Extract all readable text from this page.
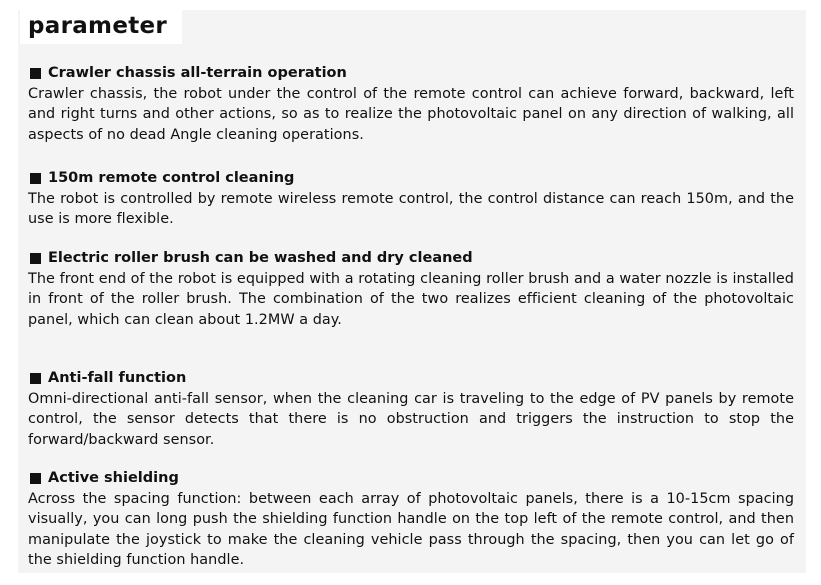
parameter
Crawler chassis all-terrain operation

Crawler chassis, the robot under the control of the remote control can achieve forward, backward, left and right turns and other actions, so as to realize the photovoltaic panel on any direction of walking, all aspects of no dead Angle cleaning operations.

150m remote control cleaning

The robot is controlled by remote wireless remote control, the control distance can reach 150m, and the use is more flexible.

Electric roller brush can be washed and dry cleaned

The front end of the robot is equipped with a rotating cleaning roller brush and a water nozzle is installed in front of the roller brush. The combination of the two realizes efficient cleaning of the photovoltaic panel, which can clean about 1.2MW a day.

Anti-fall function

Omni-directional anti-fall sensor, when the cleaning car is traveling to the edge of PV panels by remote control, the sensor detects that there is no obstruction and triggers the instruction to stop the forward/backward sensor.

Active shielding

Across the spacing function: between each array of photovoltaic panels, there is a 10-15cm spacing visually, you can long push the shielding function handle on the top left of the remote control, and then manipulate the joystick to make the cleaning vehicle pass through the spacing, then you can let go of the shielding function handle.
